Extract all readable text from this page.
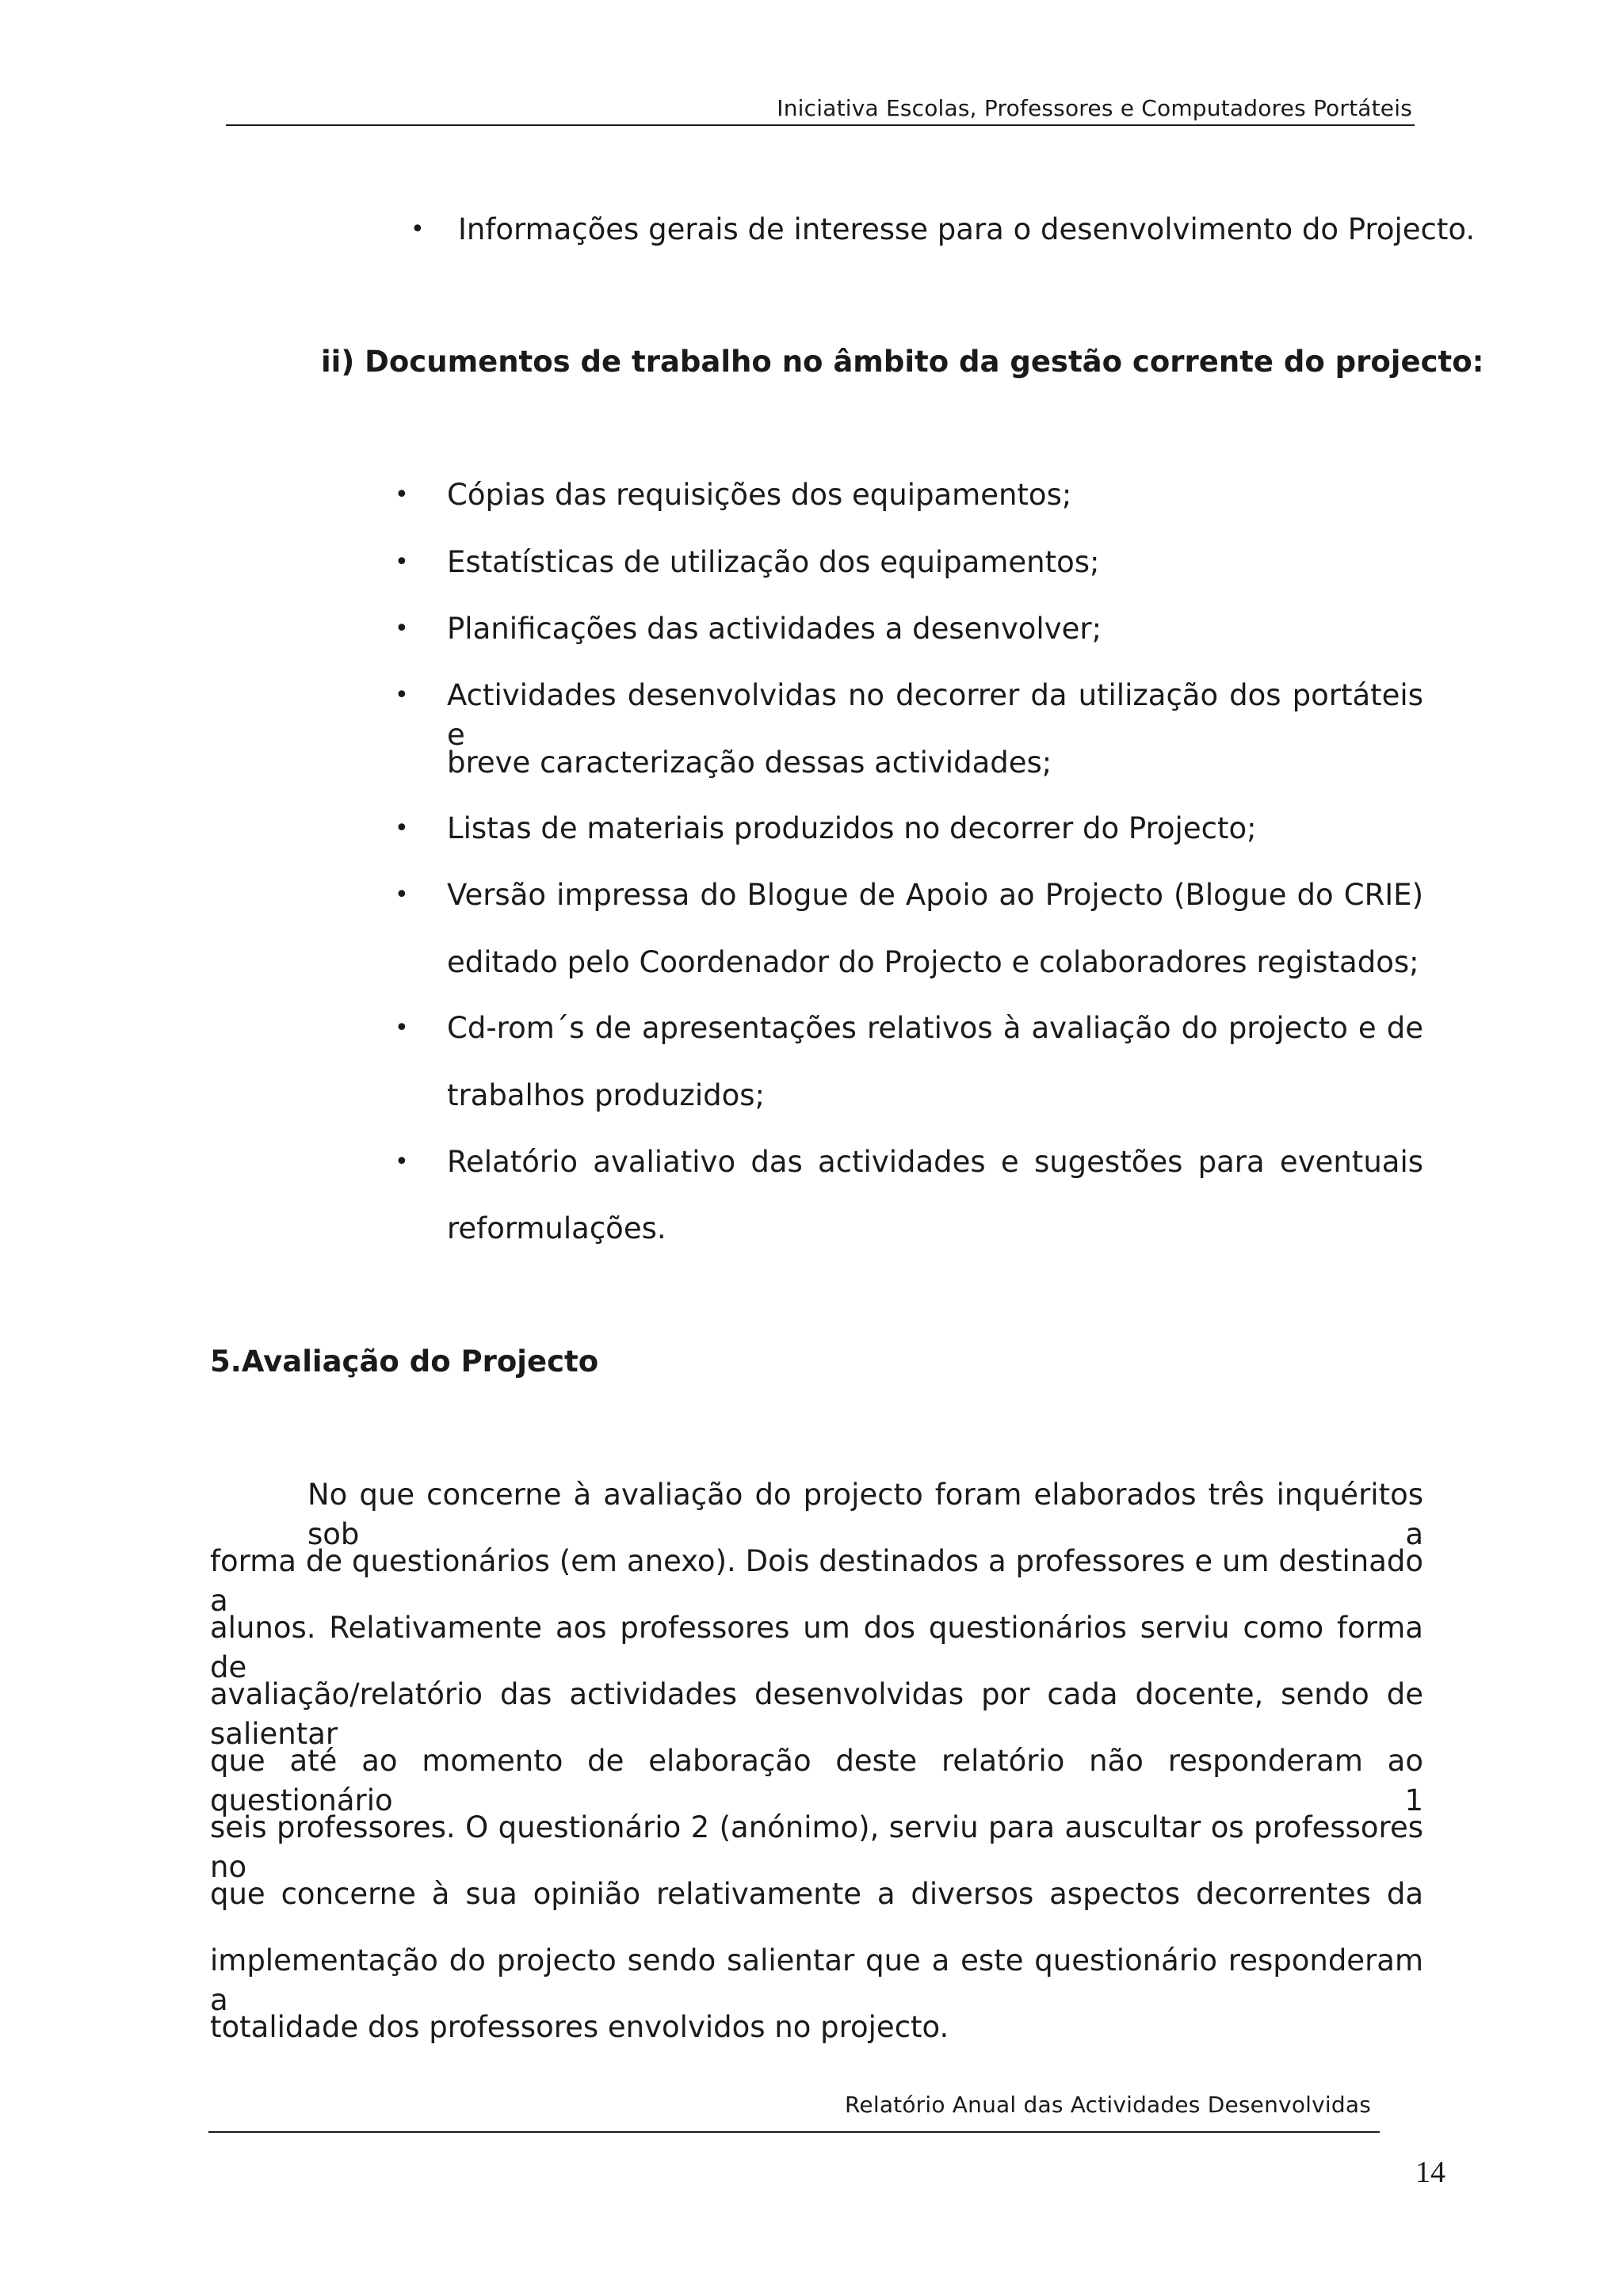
Iniciativa Escolas, Professores e Computadores Portáteis
• Informações gerais de interesse para o desenvolvimento do Projecto.
ii) Documentos de trabalho no âmbito da gestão corrente do projecto:
• Cópias das requisições dos equipamentos;
• Estatísticas de utilização dos equipamentos;
• Planificações das actividades a desenvolver;
• Actividades desenvolvidas no decorrer da utilização dos portáteis e
breve caracterização dessas actividades;
• Listas de materiais produzidos no decorrer do Projecto;
• Versão impressa do Blogue de Apoio ao Projecto (Blogue do CRIE)
editado pelo Coordenador do Projecto e colaboradores registados;
• Cd-rom´s de apresentações relativos à avaliação do projecto e de
trabalhos produzidos;
• Relatório avaliativo das actividades e sugestões para eventuais
reformulações.
5.Avaliação do Projecto
No que concerne à avaliação do projecto foram elaborados três inquéritos sob a
forma de questionários (em anexo). Dois destinados a professores e um destinado a
alunos. Relativamente aos professores um dos questionários serviu como forma de
avaliação/relatório das actividades desenvolvidas por cada docente, sendo de salientar
que até ao momento de elaboração deste relatório não responderam ao questionário 1
seis professores. O questionário 2 (anónimo), serviu para auscultar os professores no
que concerne à sua opinião relativamente a diversos aspectos decorrentes da
implementação do projecto sendo salientar que a este questionário responderam a
totalidade dos professores envolvidos no projecto.
Relatório Anual das Actividades Desenvolvidas
14
